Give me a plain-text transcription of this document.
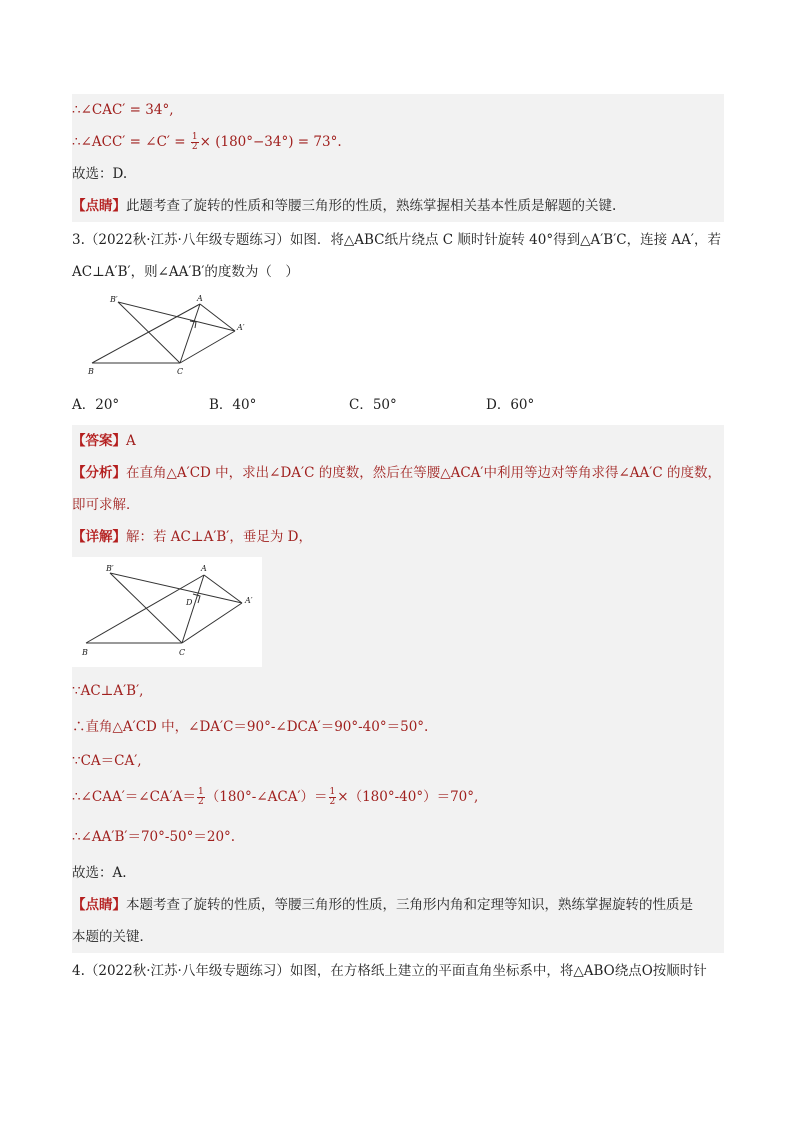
∴∠CAC′ = 34°,
∴∠ACC′ = ∠C′ = $\frac{1}{2} \times (180^\circ-34^\circ) = 73^\circ$.
故选：D.
【点睛】此题考查了旋转的性质和等腰三角形的性质，熟练掌握相关基本性质是解题的关键.
3.（2022秋·江苏·八年级专题练习）如图．将△ABC纸片绕点 C 顺时针旋转 40°得到△A′B′C，连接 AA′，若
AC⊥A′B′，则∠AA′B′的度数为（　）
B′	A
A′
B	C
A．20°	B．40°	C．50°	D．60°
【答案】A
【分析】在直角△A′CD 中，求出∠DA′C 的度数，然后在等腰△ACA′中利用等边对等角求得∠AA′C 的度数，
即可求解．
【详解】解：若 AC⊥A′B′，垂足为 D，
B′	A
A′
D
B	C
∵AC⊥A′B′,
∴直角△A′CD 中，∠DA′C＝90°-∠DCA′＝90°-40°＝50°.
∵CA＝CA′,
∴∠CAA′＝∠CA′A＝ $\frac{1}{2}$ （180°-∠ACA′）＝ $\frac{1}{2} \times(180^\circ-40^\circ)=70^\circ$,
∴∠AA′B′＝70°-50°＝20°.
故选：A.
【点睛】本题考查了旋转的性质，等腰三角形的性质，三角形内角和定理等知识，熟练掌握旋转的性质是
本题的关键．
4.（2022秋·江苏·八年级专题练习）如图，在方格纸上建立的平面直角坐标系中，将△ABO绕点O按顺时针
